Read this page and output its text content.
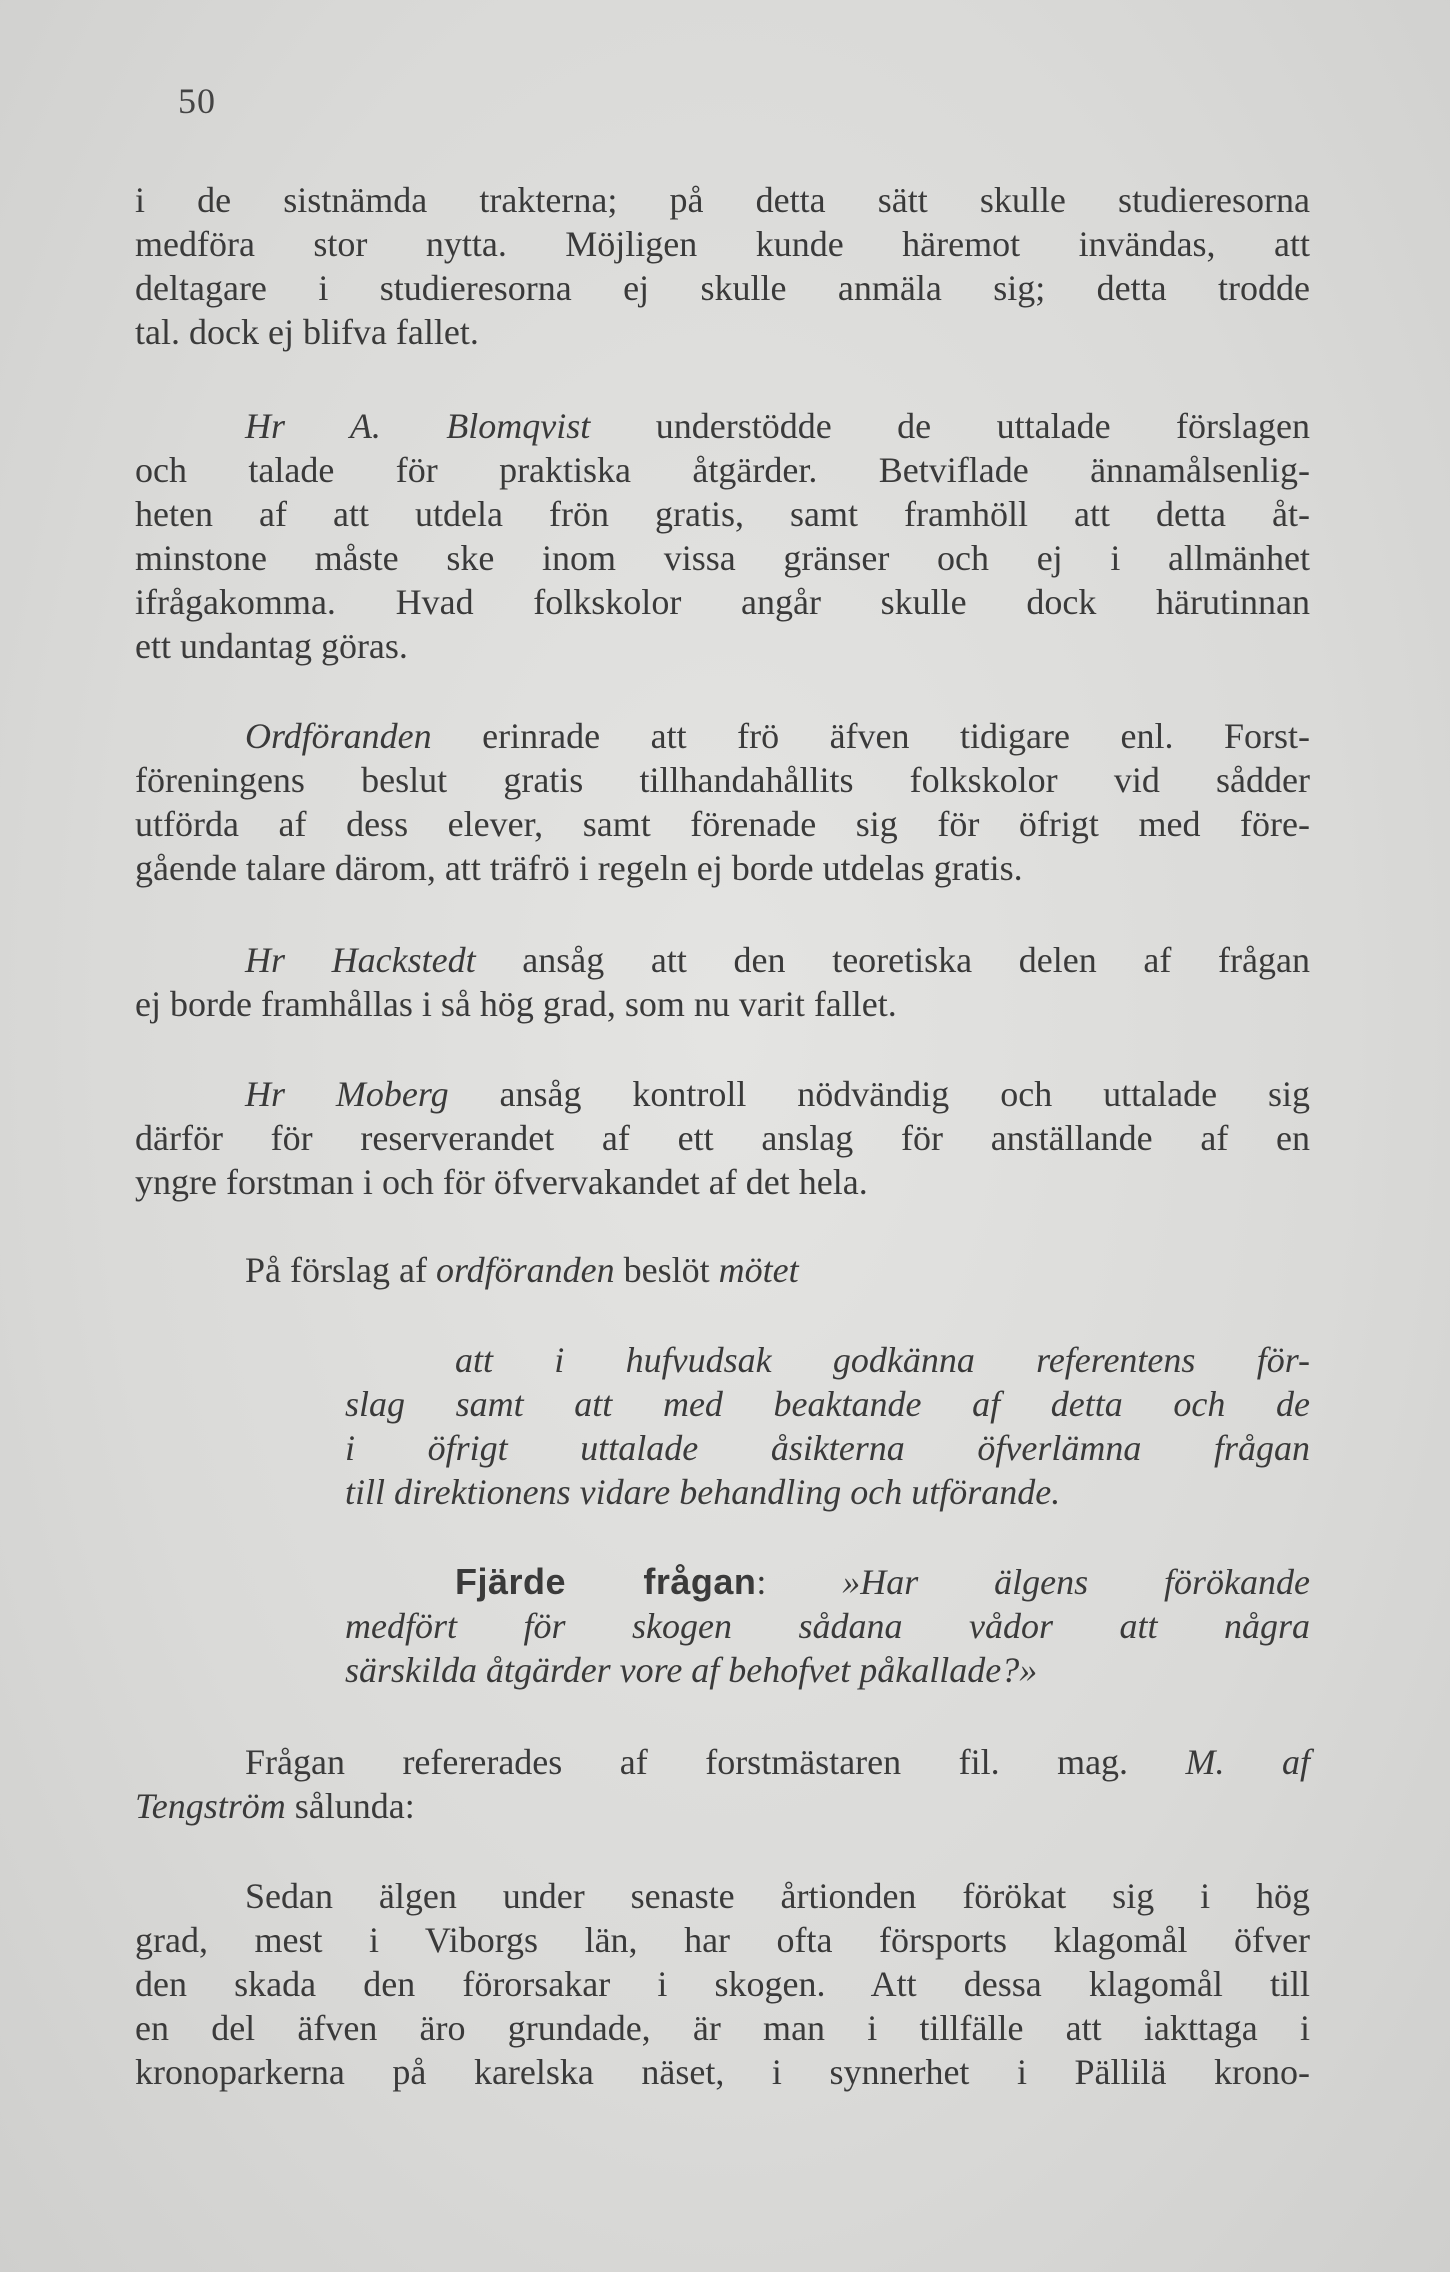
50

i de sistnämda trakterna; på detta sätt skulle studieresorna
medföra stor nytta. Möjligen kunde häremot invändas, att
deltagare i studieresorna ej skulle anmäla sig; detta trodde
tal. dock ej blifva fallet.

Hr A. Blomqvist understödde de uttalade förslagen
och talade för praktiska åtgärder. Betviflade ännamålsenlig-
heten af att utdela frön gratis, samt framhöll att detta åt-
minstone måste ske inom vissa gränser och ej i allmänhet
ifrågakomma. Hvad folkskolor angår skulle dock härutinnan
ett undantag göras.

Ordföranden erinrade att frö äfven tidigare enl. Forst-
föreningens beslut gratis tillhandahållits folkskolor vid sådder
utförda af dess elever, samt förenade sig för öfrigt med före-
gående talare därom, att träfrö i regeln ej borde utdelas gratis.

Hr Hackstedt ansåg att den teoretiska delen af frågan
ej borde framhållas i så hög grad, som nu varit fallet.

Hr Moberg ansåg kontroll nödvändig och uttalade sig
därför för reserverandet af ett anslag för anställande af en
yngre forstman i och för öfvervakandet af det hela.

På förslag af ordföranden beslöt mötet

att i hufvudsak godkänna referentens för-
slag samt att med beaktande af detta och de
i öfrigt uttalade åsikterna öfverlämna frågan
till direktionens vidare behandling och utförande.
Fjärde frågan: »Har älgens förökande
medfört för skogen sådana vådor att några
särskilda åtgärder vore af behofvet påkallade?»

Frågan refererades af forstmästaren fil. mag. M. af
Tengström sålunda:

Sedan älgen under senaste årtionden förökat sig i hög
grad, mest i Viborgs län, har ofta försports klagomål öfver
den skada den förorsakar i skogen. Att dessa klagomål till
en del äfven äro grundade, är man i tillfälle att iakttaga i
kronoparkerna på karelska näset, i synnerhet i Pällilä krono-
